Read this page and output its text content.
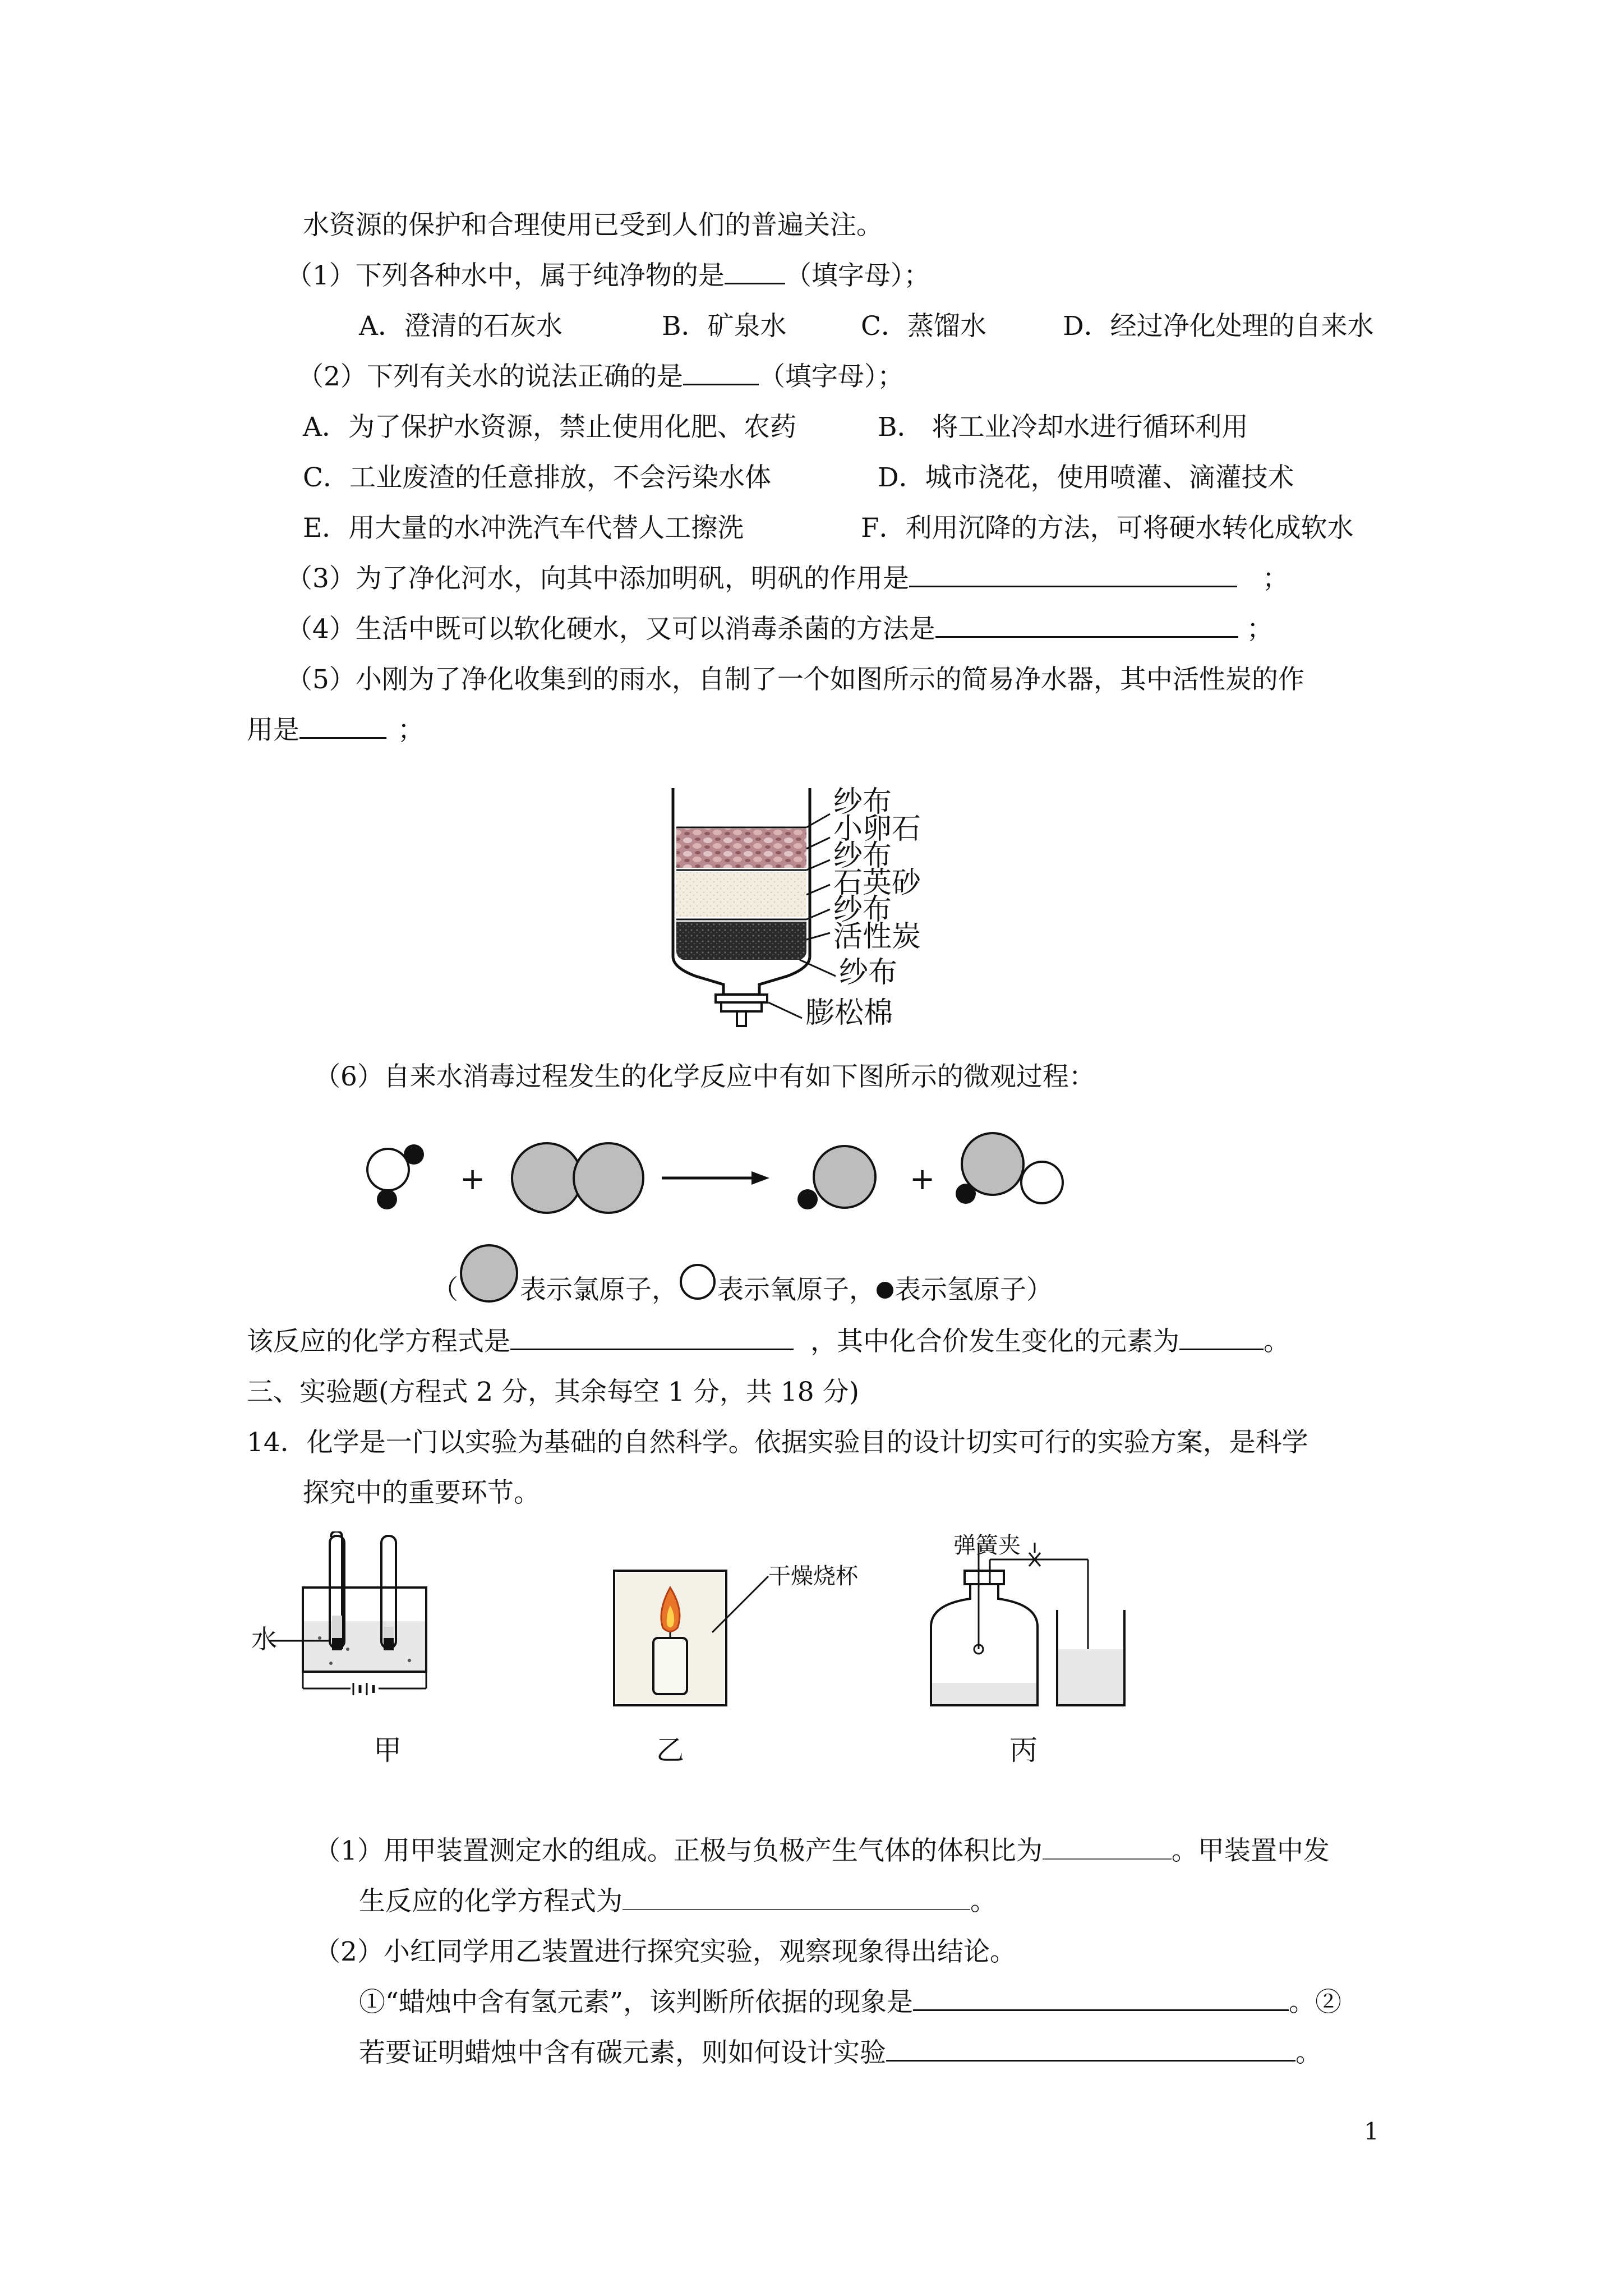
水资源的保护和合理使用已受到人们的普遍关注。
（1）下列各种水中，属于纯净物的是 （填字母）；
A．澄清的石灰水	B．矿泉水	C．蒸馏水	D．经过净化处理的自来水
（2）下列有关水的说法正确的是	（填字母）；
A．为了保护水资源，禁止使用化肥、农药	B． 将工业冷却水进行循环利用
C．工业废渣的任意排放，不会污染水体	D．城市浇花，使用喷灌、滴灌技术
E．用大量的水冲洗汽车代替人工擦洗	F．利用沉降的方法，可将硬水转化成软水
（3）为了净化河水，向其中添加明矾，明矾的作用是	；
（4）生活中既可以软化硬水，又可以消毒杀菌的方法是	；
（5）小刚为了净化收集到的雨水，自制了一个如图所示的简易净水器，其中活性炭的作
用是	；
纱布
小卵石
纱布
石英砂
纱布
活性炭
纱布
膨松棉
（6）自来水消毒过程发生的化学反应中有如下图所示的微观过程：
+	+
（ 表示氯原子， 表示氧原子， 表示氢原子）
该反应的化学方程式是	，其中化合价发生变化的元素为	。
三、实验题(方程式 2 分，其余每空 1 分，共 18 分)
14．化学是一门以实验为基础的自然科学。依据实验目的设计切实可行的实验方案，是科学
探究中的重要环节。
水
干燥烧杯
弹簧夹
甲	乙	丙
（1）用甲装置测定水的组成。正极与负极产生气体的体积比为	。甲装置中发
生反应的化学方程式为	。
（2）小红同学用乙装置进行探究实验，观察现象得出结论。
①“蜡烛中含有氢元素”，该判断所依据的现象是	。②
若要证明蜡烛中含有碳元素，则如何设计实验	。
1
